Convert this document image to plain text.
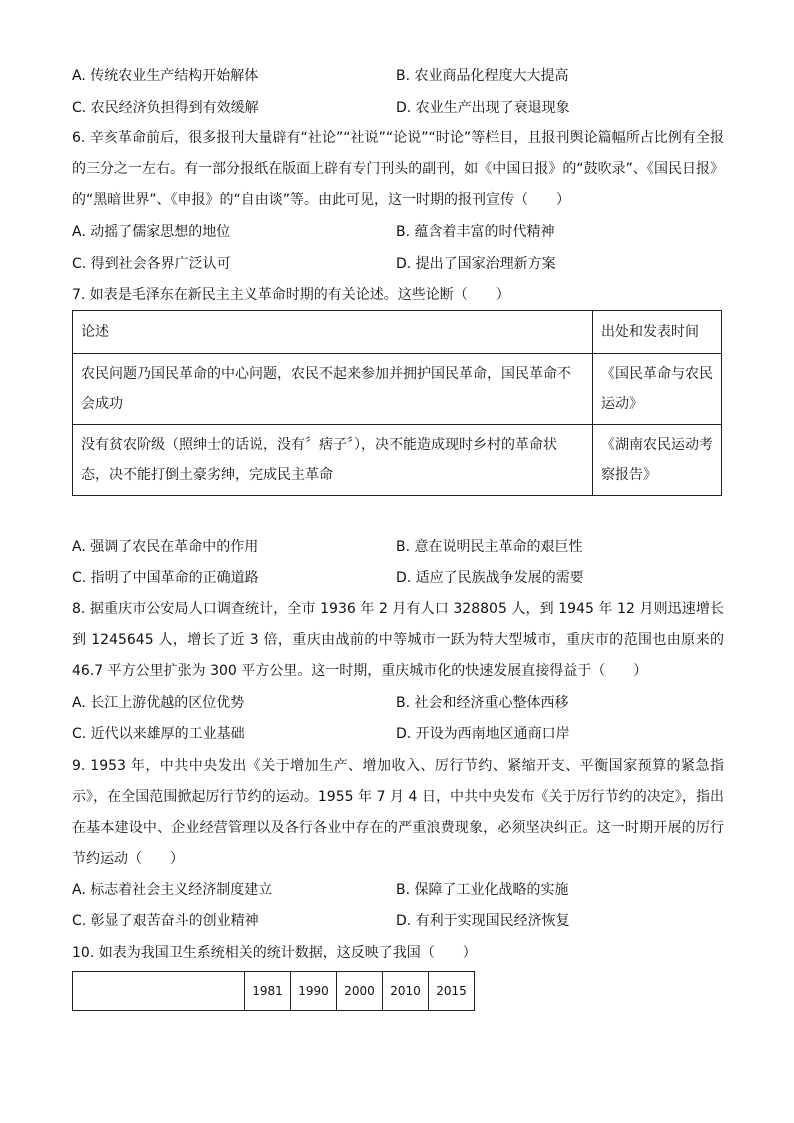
A. 传统农业生产结构开始解体	B. 农业商品化程度大大提高
C. 农民经济负担得到有效缓解	D. 农业生产出现了衰退现象
6. 辛亥革命前后，很多报刊大量辟有“社论”“社说”“论说”“时论”等栏目，且报刊舆论篇幅所占比例有全报的三分之一左右。有一部分报纸在版面上辟有专门刊头的副刊，如《中国日报》的“鼓吹录”、《国民日报》的“黑暗世界”、《申报》的“自由谈”等。由此可见，这一时期的报刊宣传（　　）
A. 动摇了儒家思想的地位	B. 蕴含着丰富的时代精神
C. 得到社会各界广泛认可	D. 提出了国家治理新方案
7. 如表是毛泽东在新民主主义革命时期的有关论述。这些论断（　　）
论述	出处和发表时间
农民问题乃国民革命的中心问题，农民不起来参加并拥护国民革命，国民革命不会成功	《国民革命与农民运动》
没有贫农阶级（照绅士的话说，没有〞痞子〞），决不能造成现时乡村的革命状态，决不能打倒土豪劣绅，完成民主革命	《湖南农民运动考察报告》
A. 强调了农民在革命中的作用	B. 意在说明民主革命的艰巨性
C. 指明了中国革命的正确道路	D. 适应了民族战争发展的需要
8. 据重庆市公安局人口调查统计，全市 1936 年 2 月有人口 328805 人，到 1945 年 12 月则迅速增长到 1245645 人，增长了近 3 倍，重庆由战前的中等城市一跃为特大型城市，重庆市的范围也由原来的 46.7 平方公里扩张为 300 平方公里。这一时期，重庆城市化的快速发展直接得益于（　　）
A. 长江上游优越的区位优势	B. 社会和经济重心整体西移
C. 近代以来雄厚的工业基础	D. 开设为西南地区通商口岸
9. 1953 年，中共中央发出《关于增加生产、增加收入、厉行节约、紧缩开支、平衡国家预算的紧急指示》，在全国范围掀起厉行节约的运动。1955 年 7 月 4 日，中共中央发布《关于厉行节约的决定》，指出在基本建设中、企业经营管理以及各行各业中存在的严重浪费现象，必须坚决纠正。这一时期开展的厉行节约运动（　　）
A. 标志着社会主义经济制度建立	B. 保障了工业化战略的实施
C. 彰显了艰苦奋斗的创业精神	D. 有利于实现国民经济恢复
10. 如表为我国卫生系统相关的统计数据，这反映了我国（　　）
	1981	1990	2000	2010	2015
